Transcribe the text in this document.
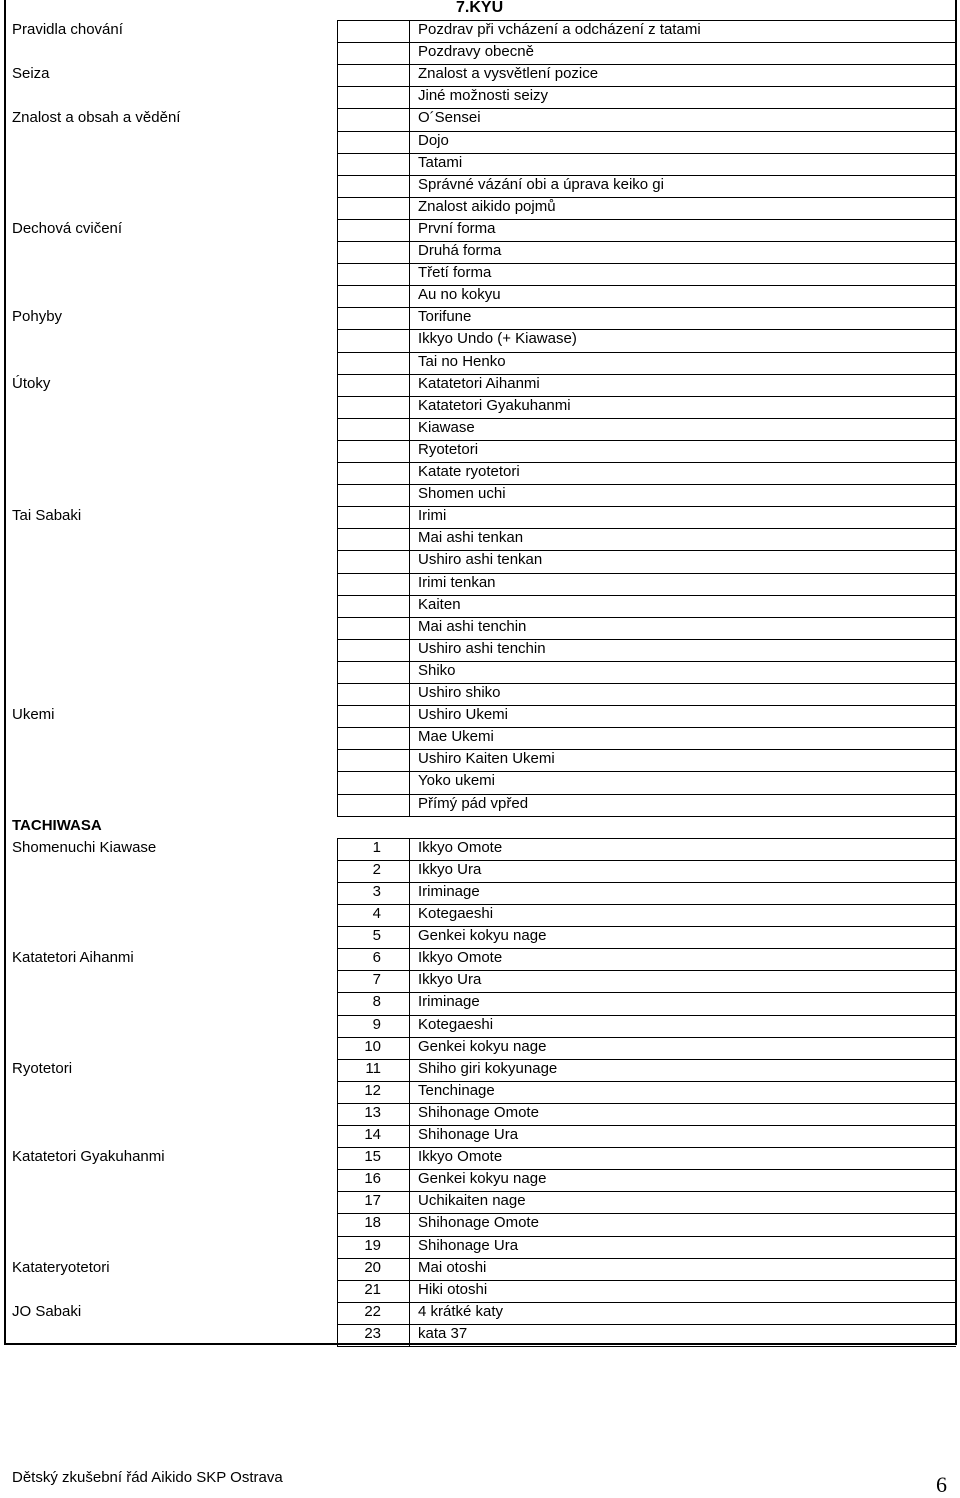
Pravidla chování	Pozdrav při vcházení a odcházení z tatami
Pozdravy obecně
Seiza	Znalost a vysvětlení pozice
Jiné možnosti seizy
Znalost a obsah a vědění	O´Sensei
Dojo
Tatami
Správné vázání obi a úprava keiko gi
Znalost aikido pojmů
Dechová cvičení	První forma
Druhá forma
Třetí forma
Au no kokyu
Pohyby	Torifune
Ikkyo Undo (+ Kiawase)
Tai no Henko
Útoky	Katatetori Aihanmi
Katatetori Gyakuhanmi
Kiawase
Ryotetori
Katate ryotetori
Shomen uchi
Tai Sabaki	Irimi
Mai ashi tenkan
Ushiro ashi tenkan
Irimi tenkan
Kaiten
Mai ashi tenchin
Ushiro ashi tenchin
Shiko
Ushiro shiko
Ukemi	Ushiro Ukemi
Mae Ukemi
Ushiro Kaiten Ukemi
Yoko ukemi
Přímý pád vpřed
TACHIWASA
Shomenuchi Kiawase	1 Ikkyo Omote
2 Ikkyo Ura
3 Iriminage
4 Kotegaeshi
5 Genkei kokyu nage
Katatetori Aihanmi	6 Ikkyo Omote
7 Ikkyo Ura
8 Iriminage
9 Kotegaeshi
10 Genkei kokyu nage
Ryotetori	11 Shiho giri kokyunage
12 Tenchinage
13 Shihonage Omote
14 Shihonage Ura
Katatetori Gyakuhanmi	15 Ikkyo Omote
16 Genkei kokyu nage
17 Uchikaiten nage
18 Shihonage Omote
19 Shihonage Ura
Katateryotetori	20 Mai otoshi
21 Hiki otoshi
JO Sabaki	22 4 krátké katy
23 kata 37
7.KYU
Dětský zkušební řád Aikido SKP Ostrava	6
